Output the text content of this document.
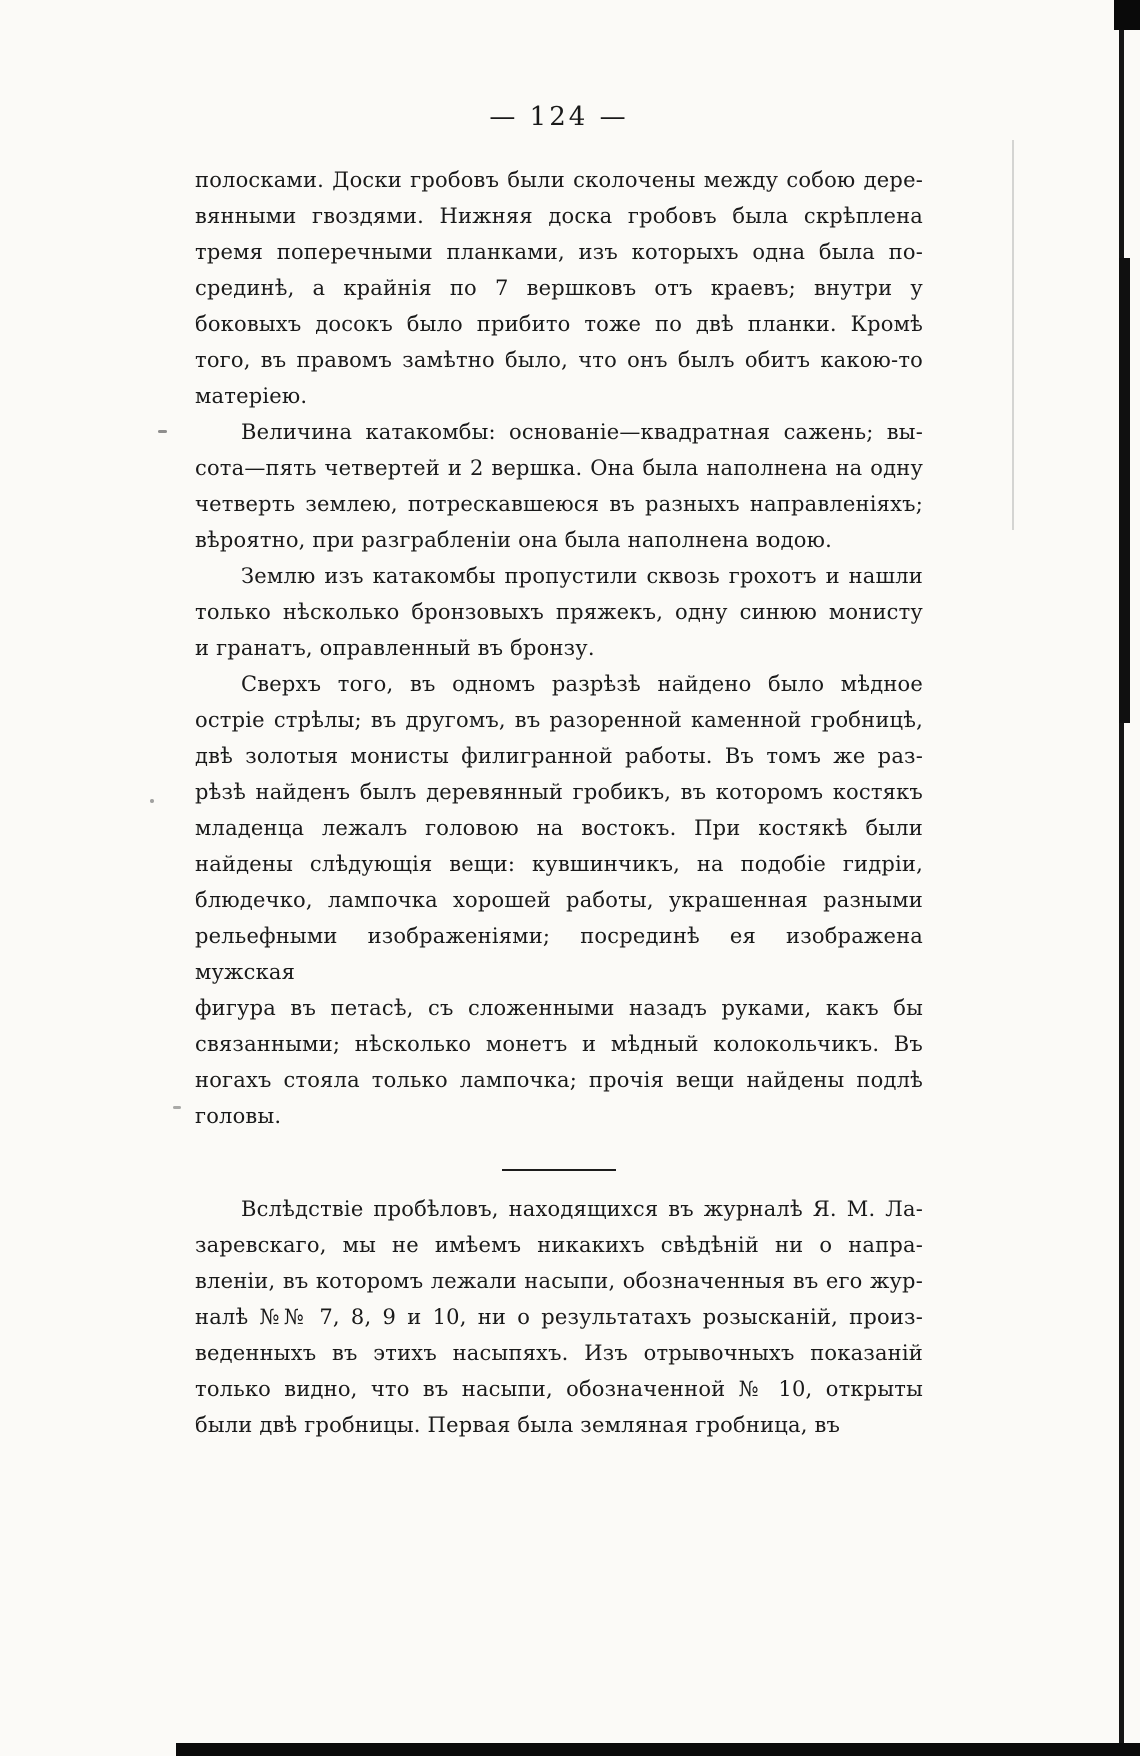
— 124 —
полосками. Доски гробовъ были сколочены между собою дере-
вянными гвоздями. Нижняя доска гробовъ была скрѣплена
тремя поперечными планками, изъ которыхъ одна была по-
срединѣ, а крайнія по 7 вершковъ отъ краевъ; внутри у
боковыхъ досокъ было прибито тоже по двѣ планки. Кромѣ
того, въ правомъ замѣтно было, что онъ былъ обитъ какою-то
матеріею.
Величина катакомбы: основаніе—квадратная сажень; вы-
сота—пять четвертей и 2 вершка. Она была наполнена на одну
четверть землею, потрескавшеюся въ разныхъ направленіяхъ;
вѣроятно, при разграбленіи она была наполнена водою.
Землю изъ катакомбы пропустили сквозь грохотъ и нашли
только нѣсколько бронзовыхъ пряжекъ, одну синюю монисту
и гранатъ, оправленный въ бронзу.
Сверхъ того, въ одномъ разрѣзѣ найдено было мѣдное
остріе стрѣлы; въ другомъ, въ разоренной каменной гробницѣ,
двѣ золотыя монисты филигранной работы. Въ томъ же раз-
рѣзѣ найденъ былъ деревянный гробикъ, въ которомъ костякъ
младенца лежалъ головою на востокъ. При костякѣ были
найдены слѣдующія вещи: кувшинчикъ, на подобіе гидріи,
блюдечко, лампочка хорошей работы, украшенная разными
рельефными изображеніями; посрединѣ ея изображена мужская
фигура въ петасѣ, съ сложенными назадъ руками, какъ бы
связанными; нѣсколько монетъ и мѣдный колокольчикъ. Въ
ногахъ стояла только лампочка; прочія вещи найдены подлѣ
головы.
Вслѣдствіе пробѣловъ, находящихся въ журналѣ Я. М. Ла-
заревскаго, мы не имѣемъ никакихъ свѣдѣній ни о напра-
вленіи, въ которомъ лежали насыпи, обозначенныя въ его жур-
налѣ №№ 7, 8, 9 и 10, ни о результатахъ розысканій, произ-
веденныхъ въ этихъ насыпяхъ. Изъ отрывочныхъ показаній
только видно, что въ насыпи, обозначенной № 10, открыты
были двѣ гробницы. Первая была земляная гробница, въ
